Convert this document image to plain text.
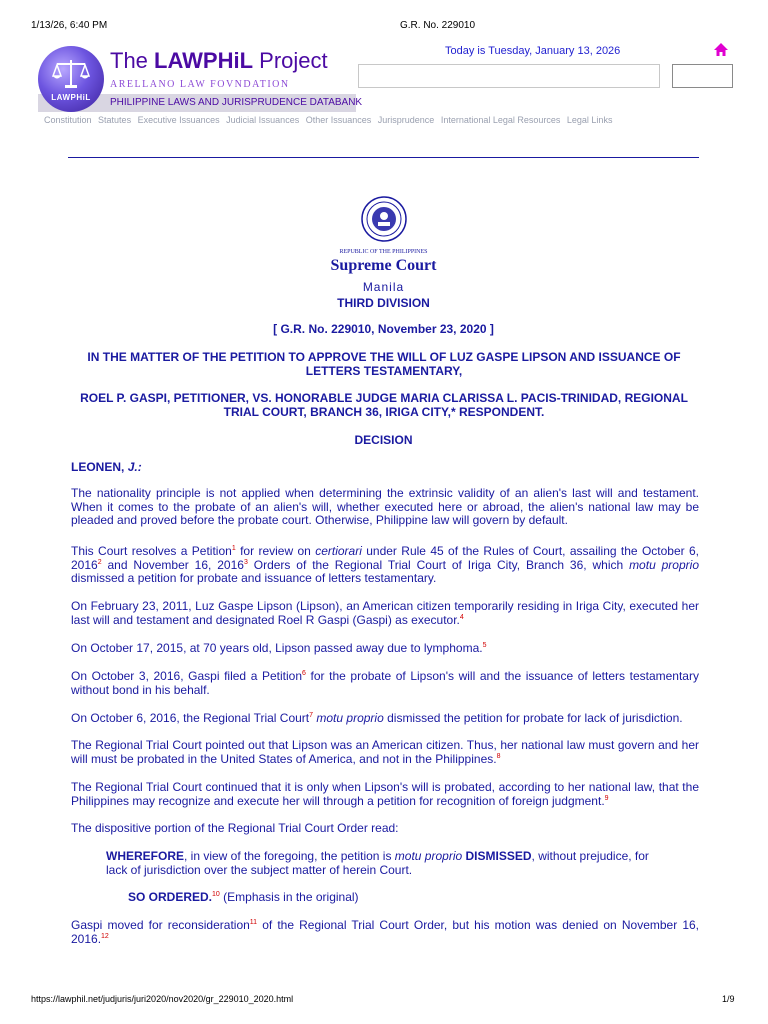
1/13/26, 6:40 PM	G.R. No. 229010
LAWPHiL
The LAWPHiL Project
ARELLANO LAW FOVNDATION
PHILIPPINE LAWS AND JURISPRUDENCE DATABANK
Today is Tuesday, January 13, 2026
Constitution Statutes Executive Issuances Judicial Issuances Other Issuances Jurisprudence International Legal Resources Legal Links
REPUBLIC OF THE PHILIPPINES
Supreme Court
Manila
THIRD DIVISION
[ G.R. No. 229010, November 23, 2020 ]
IN THE MATTER OF THE PETITION TO APPROVE THE WILL OF LUZ GASPE LIPSON AND ISSUANCE OF LETTERS TESTAMENTARY,
ROEL P. GASPI, PETITIONER, VS. HONORABLE JUDGE MARIA CLARISSA L. PACIS-TRINIDAD, REGIONAL TRIAL COURT, BRANCH 36, IRIGA CITY,* RESPONDENT.
DECISION
LEONEN, J.:
The nationality principle is not applied when determining the extrinsic validity of an alien's last will and testament. When it comes to the probate of an alien's will, whether executed here or abroad, the alien's national law may be pleaded and proved before the probate court. Otherwise, Philippine law will govern by default.
This Court resolves a Petition$^1$ for review on certiorari under Rule 45 of the Rules of Court, assailing the October 6, 2016$^2$ and November 16, 2016$^3$ Orders of the Regional Trial Court of Iriga City, Branch 36, which motu proprio dismissed a petition for probate and issuance of letters testamentary.
On February 23, 2011, Luz Gaspe Lipson (Lipson), an American citizen temporarily residing in Iriga City, executed her last will and testament and designated Roel R Gaspi (Gaspi) as executor.$^4$
On October 17, 2015, at 70 years old, Lipson passed away due to lymphoma.$^5$
On October 3, 2016, Gaspi filed a Petition$^6$ for the probate of Lipson's will and the issuance of letters testamentary without bond in his behalf.
On October 6, 2016, the Regional Trial Court$^7$ motu proprio dismissed the petition for probate for lack of jurisdiction.
The Regional Trial Court pointed out that Lipson was an American citizen. Thus, her national law must govern and her will must be probated in the United States of America, and not in the Philippines.$^8$
The Regional Trial Court continued that it is only when Lipson's will is probated, according to her national law, that the Philippines may recognize and execute her will through a petition for recognition of foreign judgment.$^9$
The dispositive portion of the Regional Trial Court Order read:
WHEREFORE, in view of the foregoing, the petition is motu proprio DISMISSED, without prejudice, for lack of jurisdiction over the subject matter of herein Court.
SO ORDERED.$^{10}$ (Emphasis in the original)
Gaspi moved for reconsideration$^{11}$ of the Regional Trial Court Order, but his motion was denied on November 16, 2016.12
https://lawphil.net/judjuris/juri2020/nov2020/gr_229010_2020.html	1/9
